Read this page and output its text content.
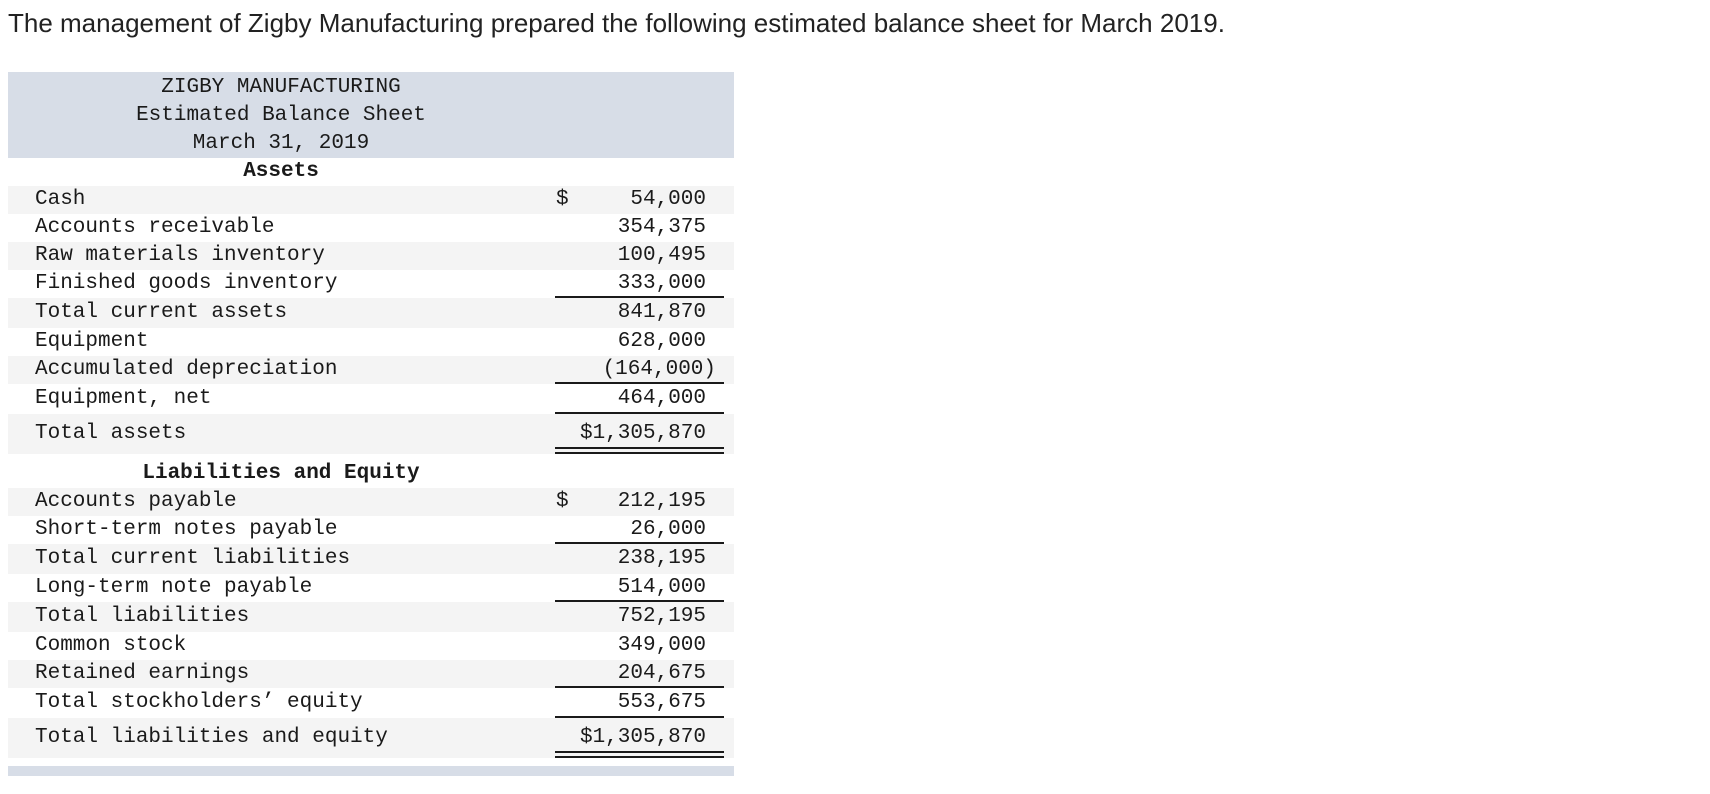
The management of Zigby Manufacturing prepared the following estimated balance sheet for March 2019.
ZIGBY MANUFACTURING
Estimated Balance Sheet
March 31, 2019
Assets
Cash	$	54,000
Accounts receivable	354,375
Raw materials inventory	100,495
Finished goods inventory	333,000
Total current assets	841,870
Equipment	628,000
Accumulated depreciation	(164,000)
Equipment, net	464,000
Total assets	$1,305,870
Liabilities and Equity
Accounts payable	$ 212,195
Short-term notes payable	26,000
Total current liabilities	238,195
Long-term note payable	514,000
Total liabilities	752,195
Common stock	349,000
Retained earnings	204,675
Total stockholders’ equity	553,675
Total liabilities and equity	$1,305,870
